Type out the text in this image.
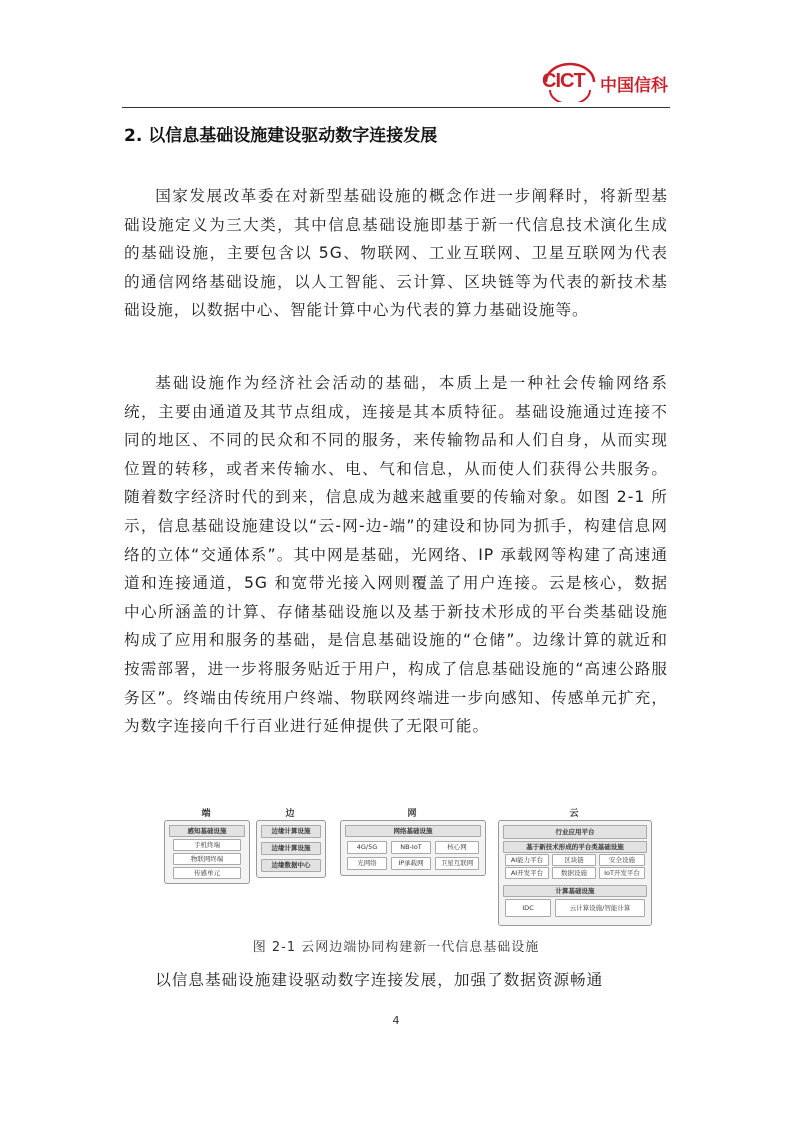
CICT 中国信科
2. 以信息基础设施建设驱动数字连接发展

国家发展改革委在对新型基础设施的概念作进一步阐释时，将新型基础设施定义为三大类，其中信息基础设施即基于新一代信息技术演化生成的基础设施，主要包含以 5G、物联网、工业互联网、卫星互联网为代表的通信网络基础设施，以人工智能、云计算、区块链等为代表的新技术基础设施，以数据中心、智能计算中心为代表的算力基础设施等。

基础设施作为经济社会活动的基础，本质上是一种社会传输网络系统，主要由通道及其节点组成，连接是其本质特征。基础设施通过连接不同的地区、不同的民众和不同的服务，来传输物品和人们自身，从而实现位置的转移，或者来传输水、电、气和信息，从而使人们获得公共服务。随着数字经济时代的到来，信息成为越来越重要的传输对象。如图 2-1 所示，信息基础设施建设以“云-网-边-端”的建设和协同为抓手，构建信息网络的立体“交通体系”。其中网是基础，光网络、IP 承载网等构建了高速通道和连接通道，5G 和宽带光接入网则覆盖了用户连接。云是核心，数据中心所涵盖的计算、存储基础设施以及基于新技术形成的平台类基础设施构成了应用和服务的基础，是信息基础设施的“仓储”。边缘计算的就近和按需部署，进一步将服务贴近于用户，构成了信息基础设施的“高速公路服务区”。终端由传统用户终端、物联网终端进一步向感知、传感单元扩充，为数字连接向千行百业进行延伸提供了无限可能。

端
感知基础设施
手机终端
物联网终端
传感单元
边
边缘计算设施
边缘计算设施
边缘数据中心
网
网络基础设施
4G/5G	NB-IoT	核心网
光网络	IP承载网	卫星互联网
云
行业应用平台
基于新技术形成的平台类基础设施
AI能力平台	区块链	安全设施
AI开发平台	数据设施	IoT开发平台
计算基础设施
IDC	云计算设施/智能计算
图 2-1 云网边端协同构建新一代信息基础设施

以信息基础设施建设驱动数字连接发展，加强了数据资源畅通

4
